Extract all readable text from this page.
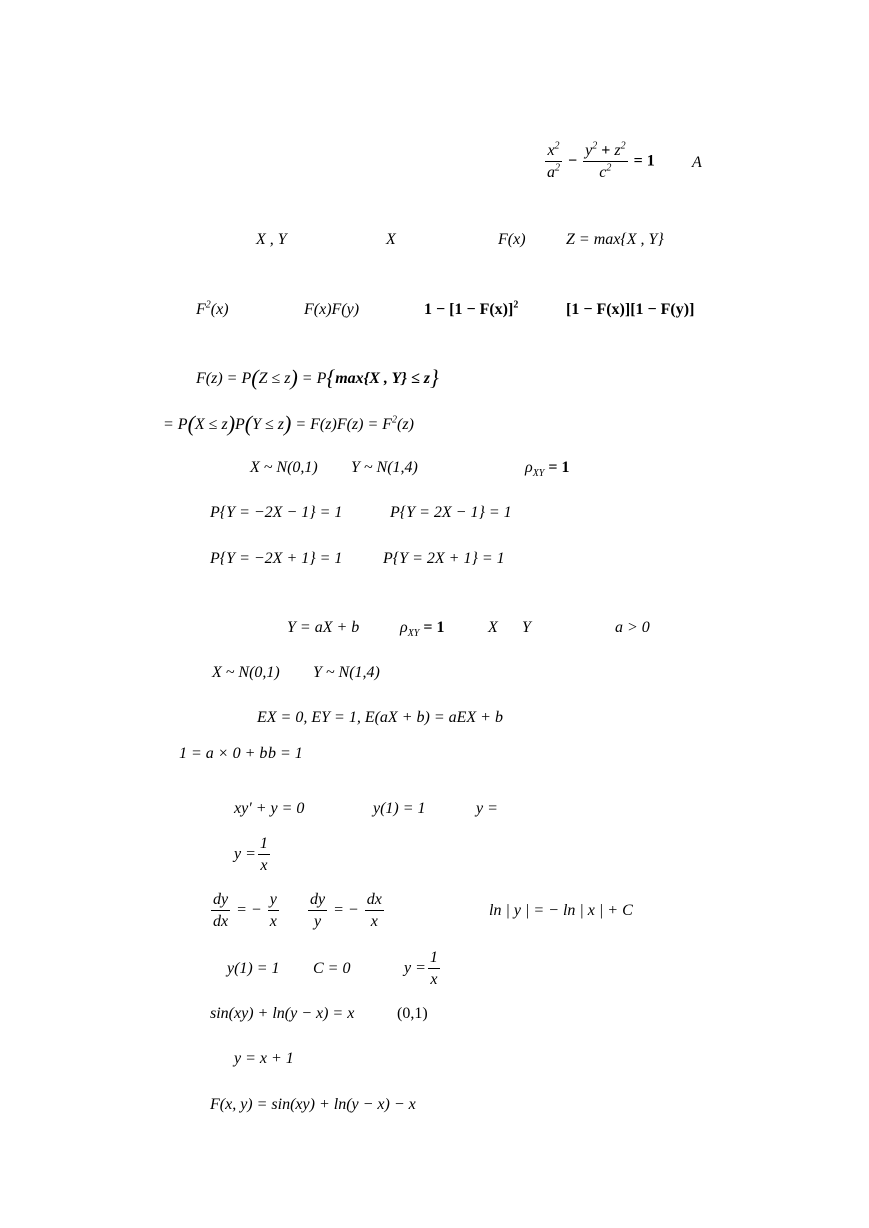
$\frac{x^2}{a^2} - \frac{y^2 + z^2}{c^2} = 1$ A
X , Y	X	F(x)	Z = max{X , Y}
$F^2(x)$	F(x)F(y)	$1 - [1 - F(x)]^2$	[1 − F(x)][1 − F(y)]
F(z) = P(Z ≤ z) = P{max{X , Y} ≤ z}
= $P(X \le z)P(Y \le z) = F(z)F(z) = F^2(z)$
X ~ N(0,1) Y ~ N(1,4)	$\rho_{XY} = 1$
P{Y = −2X − 1} = 1	P{Y = 2X − 1} = 1
P{Y = −2X + 1} = 1	P{Y = 2X + 1} = 1
Y = aX + b	$\rho_{XY} = 1$	X Y	a > 0
X ~ N(0,1) Y ~ N(1,4)
EX = 0, EY = 1, E(aX + b) = aEX + b
1 = a × 0 + b b = 1
xy′ + y = 0	y(1) = 1	y =
$y = \frac{1}{x}$
$\frac{dy}{dx}$ = − $\frac{y}{x} \frac{dy}{y}$ = − $\frac{dx}{x}$	ln | y | = − ln | x | + C
y(1) = 1 C = 0	$y = \frac{1}{x}$
sin(xy) + ln(y − x) = x	(0,1)
y = x + 1
F(x, y) = sin(xy) + ln(y − x) − x
